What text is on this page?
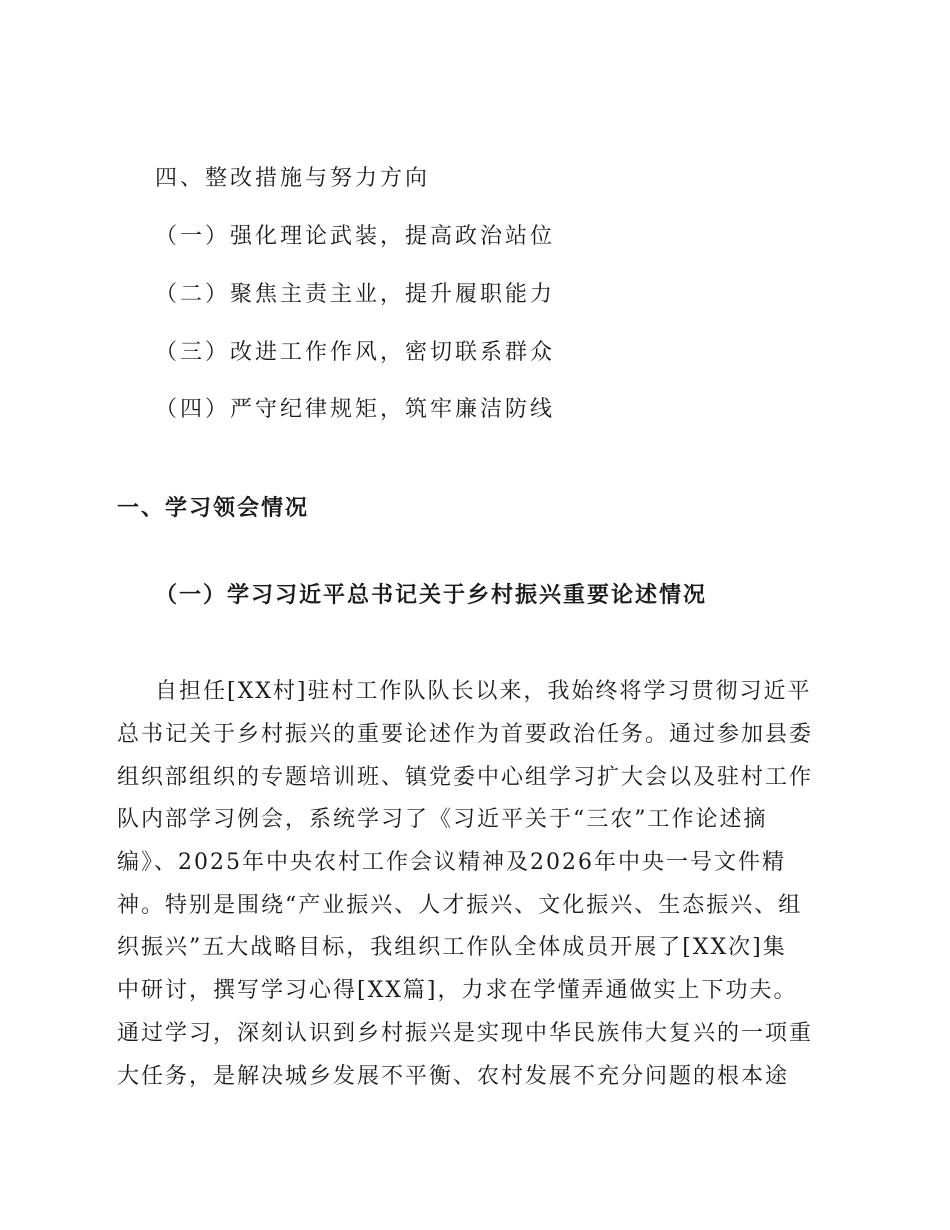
四、整改措施与努力方向
（一）强化理论武装，提高政治站位
（二）聚焦主责主业，提升履职能力
（三）改进工作作风，密切联系群众
（四）严守纪律规矩，筑牢廉洁防线
一、学习领会情况
（一）学习习近平总书记关于乡村振兴重要论述情况
自担任[XX村]驻村工作队队长以来，我始终将学习贯彻习近平
总书记关于乡村振兴的重要论述作为首要政治任务。通过参加县委
组织部组织的专题培训班、镇党委中心组学习扩大会以及驻村工作
队内部学习例会，系统学习了《习近平关于“三农”工作论述摘
编》、2025年中央农村工作会议精神及2026年中央一号文件精
神。特别是围绕“产业振兴、人才振兴、文化振兴、生态振兴、组
织振兴”五大战略目标，我组织工作队全体成员开展了[XX次]集
中研讨，撰写学习心得[XX篇]，力求在学懂弄通做实上下功夫。
通过学习，深刻认识到乡村振兴是实现中华民族伟大复兴的一项重
大任务，是解决城乡发展不平衡、农村发展不充分问题的根本途
